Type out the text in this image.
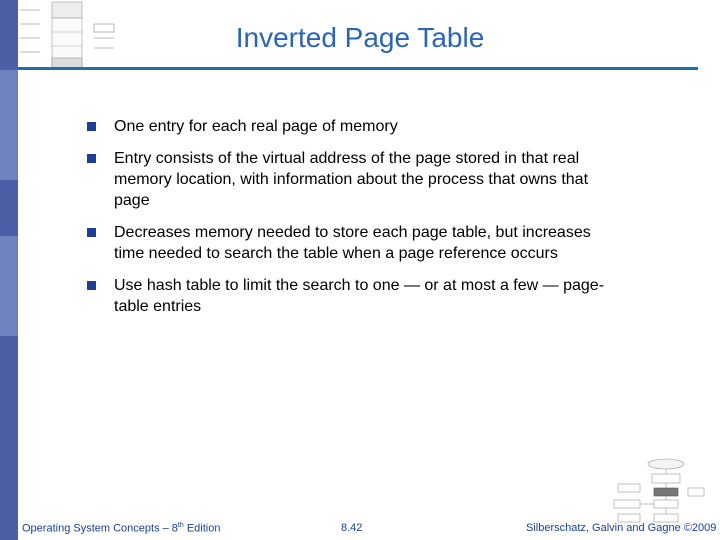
Inverted Page Table
One entry for each real page of memory
Entry consists of the virtual address of the page stored in that real memory location, with information about the process that owns that page
Decreases memory needed to store each page table, but increases time needed to search the table when a page reference occurs
Use hash table to limit the search to one — or at most a few — page-table entries
Operating System Concepts – 8th Edition	8.42	Silberschatz, Galvin and Gagne ©2009
